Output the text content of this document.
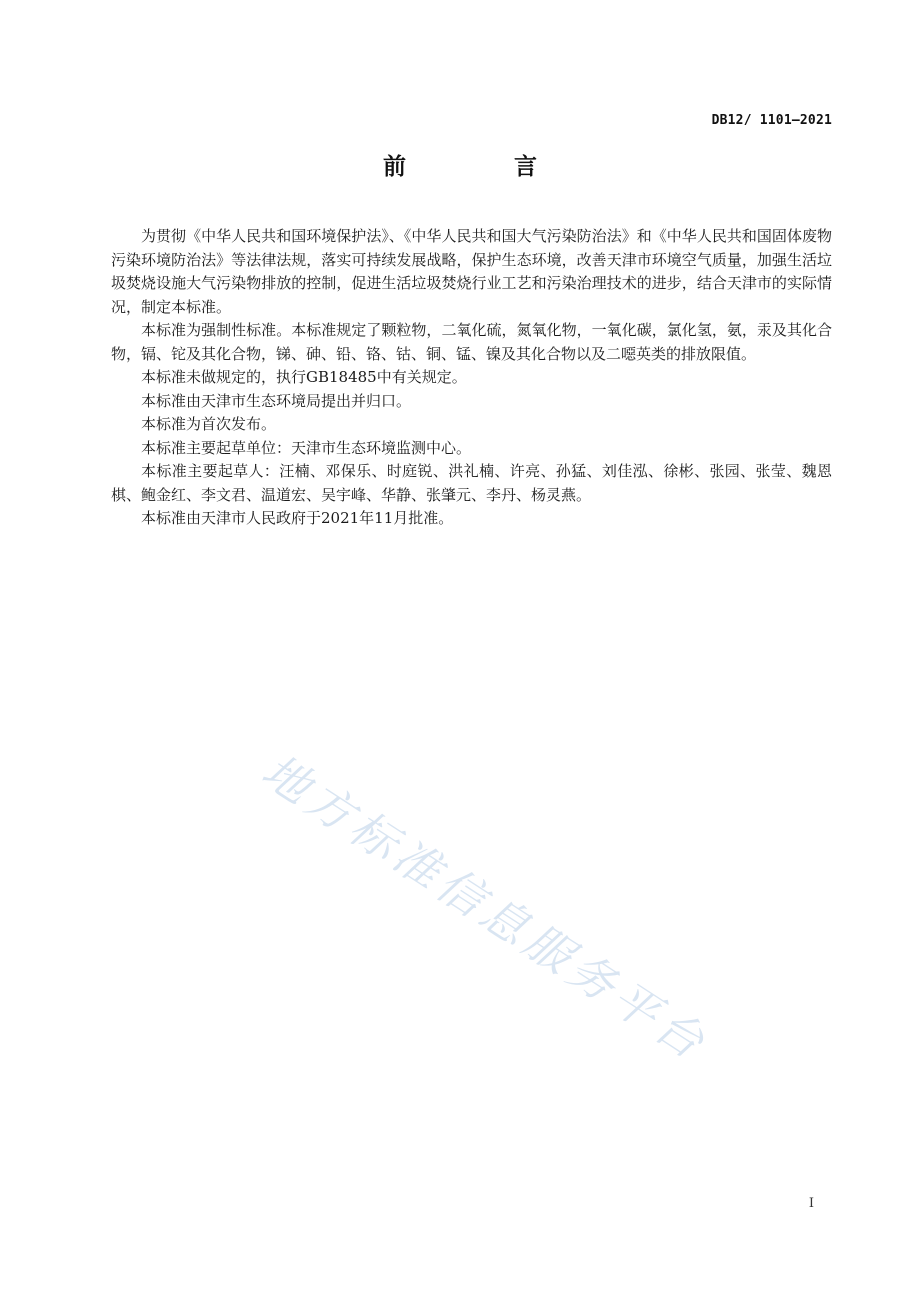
DB12/ 1101—2021
前 言

为贯彻《中华人民共和国环境保护法》、《中华人民共和国大气污染防治法》和《中华人民共和国固体废物污染环境防治法》等法律法规，落实可持续发展战略，保护生态环境，改善天津市环境空气质量，加强生活垃圾焚烧设施大气污染物排放的控制，促进生活垃圾焚烧行业工艺和污染治理技术的进步，结合天津市的实际情况，制定本标准。

本标准为强制性标准。本标准规定了颗粒物，二氧化硫，氮氧化物，一氧化碳，氯化氢，氨，汞及其化合物，镉、铊及其化合物，锑、砷、铅、铬、钴、铜、锰、镍及其化合物以及二噁英类的排放限值。

本标准未做规定的，执行GB18485中有关规定。

本标准由天津市生态环境局提出并归口。

本标准为首次发布。

本标准主要起草单位：天津市生态环境监测中心。

本标准主要起草人：汪楠、邓保乐、时庭锐、洪礼楠、许亮、孙猛、刘佳泓、徐彬、张园、张莹、魏恩棋、鲍金红、李文君、温道宏、吴宇峰、华静、张肇元、李丹、杨灵燕。

本标准由天津市人民政府于2021年11月批准。

地方标准信息服务平台
I
